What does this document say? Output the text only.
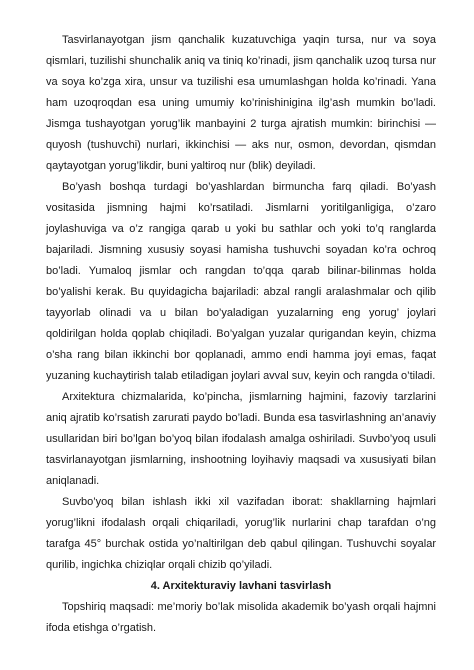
Tasvirlanayotgan jism qanchalik kuzatuvchiga yaqin tursa, nur va soya qismlari, tuzilishi shunchalik aniq va tiniq ko’rinadi, jism qanchalik uzoq tursa nur va soya ko’zga xira, unsur va tuzilishi esa umumlashgan holda ko’rinadi. Yana ham uzoqroqdan esa uning umumiy ko’rinishinigina ilg’ash mumkin bo’ladi. Jismga tushayotgan yorug’lik manbayini 2 turga ajratish mumkin: birinchisi — quyosh (tushuvchi) nurlari, ikkinchisi — aks nur, osmon, devordan, qismdan qaytayotgan yorug’likdir, buni yaltiroq nur (blik) deyiladi.

Bo’yash boshqa turdagi bo’yashlardan birmuncha farq qiladi. Bo’yash vositasida jismning hajmi ko’rsatiladi. Jismlarni yoritilganligiga, o’zaro joylashuviga va o’z rangiga qarab u yoki bu sathlar och yoki to’q ranglarda bajariladi. Jismning xususiy soyasi hamisha tushuvchi soyadan ko’ra ochroq bo’ladi. Yumaloq jismlar och rangdan to’qqa qarab bilinar-bilinmas holda bo’yalishi kerak. Bu quyidagicha bajariladi: abzal rangli aralashmalar och qilib tayyorlab olinadi va u bilan bo’yaladigan yuzalarning eng yorug’ joylari qoldirilgan holda qoplab chiqiladi. Bo’yalgan yuzalar qurigandan keyin, chizma o’sha rang bilan ikkinchi bor qoplanadi, ammo endi hamma joyi emas, faqat yuzaning kuchaytirish talab etiladigan joylari avval suv, keyin och rangda o’tiladi.

Arxitektura chizmalarida, ko’pincha, jismlarning hajmini, fazoviy tarzlarini aniq ajratib ko’rsatish zarurati paydo bo’ladi. Bunda esa tasvirlashning an’anaviy usullaridan biri bo’lgan bo’yoq bilan ifodalash amalga oshiriladi. Suvbo’yoq usuli tasvirlanayotgan jismlarning, inshootning loyihaviy maqsadi va xususiyati bilan aniqlanadi.

Suvbo’yoq bilan ishlash ikki xil vazifadan iborat: shakllarning hajmlari yorug’likni ifodalash orqali chiqariladi, yorug’lik nurlarini chap tarafdan o’ng tarafga 45° burchak ostida yo’naltirilgan deb qabul qilingan. Tushuvchi soyalar qurilib, ingichka chiziqlar orqali chizib qo’yiladi.

4. Arxitekturaviy lavhani tasvirlash

Topshiriq maqsadi: me’moriy bo’lak misolida akademik bo’yash orqali hajmni ifoda etishga o’rgatish.
